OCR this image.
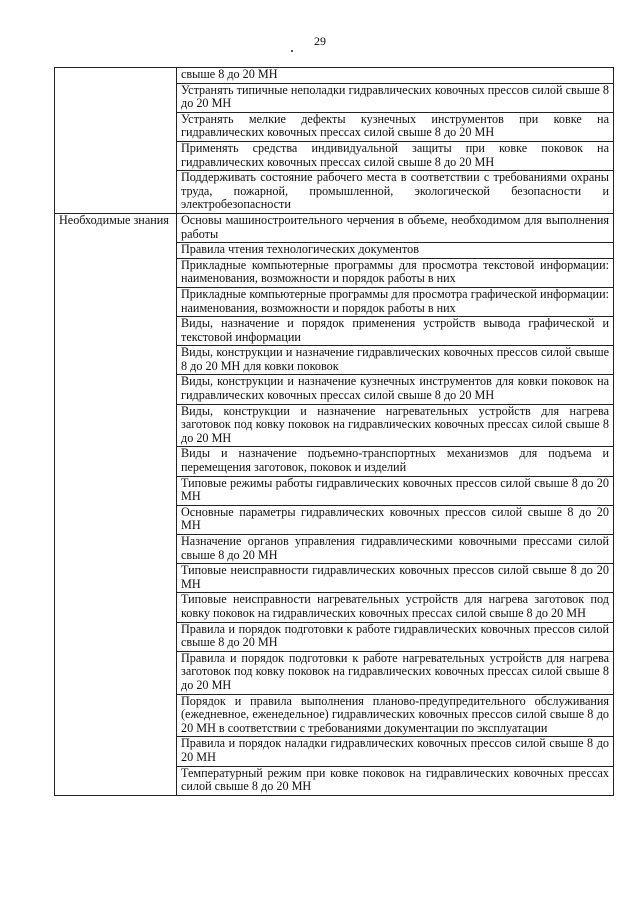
29
	свыше 8 до 20 МН
	Устранять типичные неполадки гидравлических ковочных прессов силой свыше 8 до 20 МН
	Устранять мелкие дефекты кузнечных инструментов при ковке на гидравлических ковочных прессах силой свыше 8 до 20 МН
	Применять средства индивидуальной защиты при ковке поковок на гидравлических ковочных прессах силой свыше 8 до 20 МН
	Поддерживать состояние рабочего места в соответствии с требованиями охраны труда, пожарной, промышленной, экологической безопасности и электробезопасности
Необходимые знания	Основы машиностроительного черчения в объеме, необходимом для выполнения работы
	Правила чтения технологических документов
	Прикладные компьютерные программы для просмотра текстовой информации: наименования, возможности и порядок работы в них
	Прикладные компьютерные программы для просмотра графической информации: наименования, возможности и порядок работы в них
	Виды, назначение и порядок применения устройств вывода графической и текстовой информации
	Виды, конструкции и назначение гидравлических ковочных прессов силой свыше 8 до 20 МН для ковки поковок
	Виды, конструкции и назначение кузнечных инструментов для ковки поковок на гидравлических ковочных прессах силой свыше 8 до 20 МН
	Виды, конструкции и назначение нагревательных устройств для нагрева заготовок под ковку поковок на гидравлических ковочных прессах силой свыше 8 до 20 МН
	Виды и назначение подъемно-транспортных механизмов для подъема и перемещения заготовок, поковок и изделий
	Типовые режимы работы гидравлических ковочных прессов силой свыше 8 до 20 МН
	Основные параметры гидравлических ковочных прессов силой свыше 8 до 20 МН
	Назначение органов управления гидравлическими ковочными прессами силой свыше 8 до 20 МН
	Типовые неисправности гидравлических ковочных прессов силой свыше 8 до 20 МН
	Типовые неисправности нагревательных устройств для нагрева заготовок под ковку поковок на гидравлических ковочных прессах силой свыше 8 до 20 МН
	Правила и порядок подготовки к работе гидравлических ковочных прессов силой свыше 8 до 20 МН
	Правила и порядок подготовки к работе нагревательных устройств для нагрева заготовок под ковку поковок на гидравлических ковочных прессах силой свыше 8 до 20 МН
	Порядок и правила выполнения планово-предупредительного обслуживания (ежедневное, еженедельное) гидравлических ковочных прессов силой свыше 8 до 20 МН в соответствии с требованиями документации по эксплуатации
	Правила и порядок наладки гидравлических ковочных прессов силой свыше 8 до 20 МН
	Температурный режим при ковке поковок на гидравлических ковочных прессах силой свыше 8 до 20 МН
